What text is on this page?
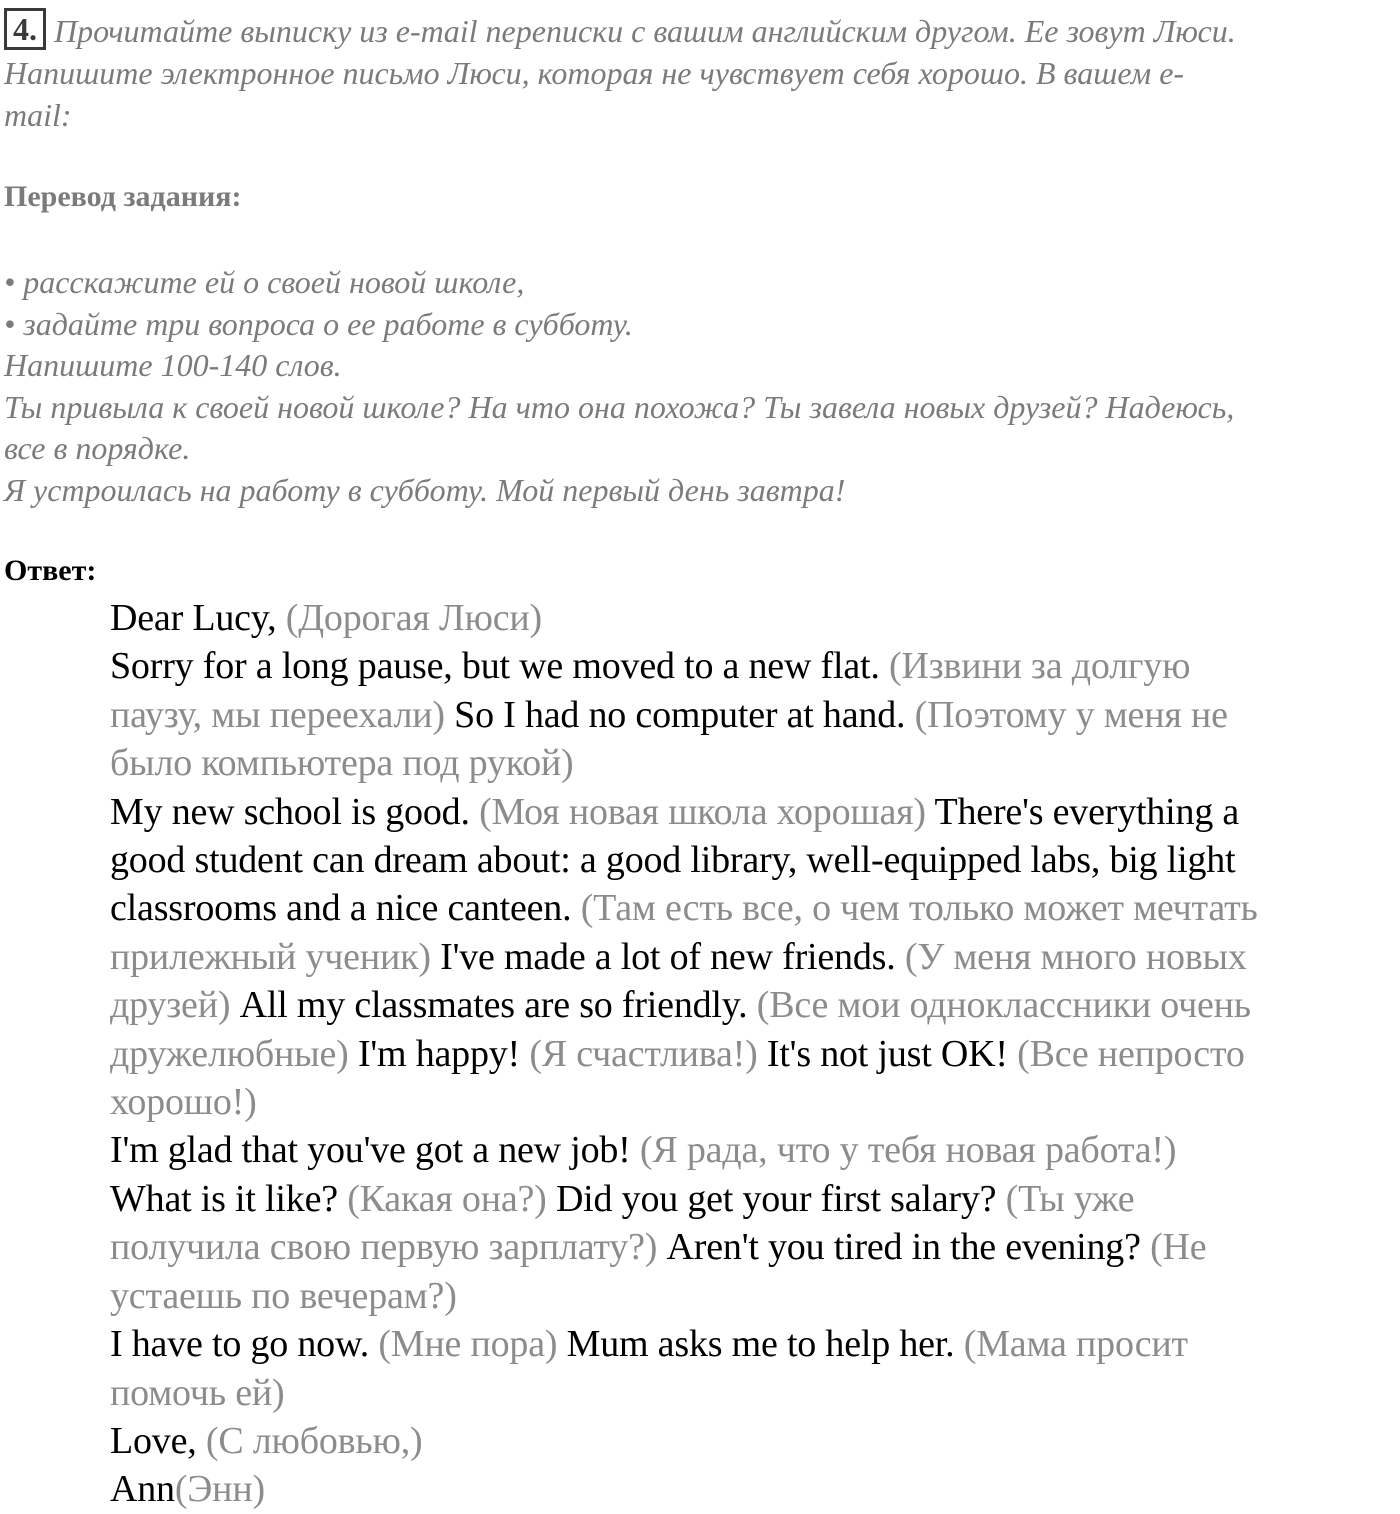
4. Прочитайте выписку из e-mail переписки с вашим английским другом. Ее зовут Люси.
Напишите электронное письмо Люси, которая не чувствует себя хорошо. В вашем e-
mail:
Перевод задания:
• расскажите ей о своей новой школе,
• задайте три вопроса о ее работе в субботу.
Напишите 100-140 слов.
Ты привыла к своей новой школе? На что она похожа? Ты завела новых друзей? Надеюсь,
все в порядке.
Я устроилась на работу в субботу. Мой первый день завтра!
Ответ:
Dear Lucy, (Дорогая Люси)
Sorry for a long pause, but we moved to a new flat. (Извини за долгую
паузу, мы переехали) So I had no computer at hand. (Поэтому у меня не
было компьютера под рукой)
My new school is good. (Моя новая школа хорошая) There's everything a
good student can dream about: a good library, well-equipped labs, big light
classrooms and a nice canteen. (Там есть все, о чем только может мечтать
прилежный ученик) I've made a lot of new friends. (У меня много новых
друзей) All my classmates are so friendly. (Все мои одноклассники очень
дружелюбные) I'm happy! (Я счастлива!) It's not just OK! (Все непросто
хорошо!)
I'm glad that you've got a new job! (Я рада, что у тебя новая работа!)
What is it like? (Какая она?) Did you get your first salary? (Ты уже
получила свою первую зарплату?) Aren't you tired in the evening? (Не
устаешь по вечерам?)
I have to go now. (Мне пора) Mum asks me to help her. (Мама просит
помочь ей)
Love, (С любовью,)
Ann(Энн)
